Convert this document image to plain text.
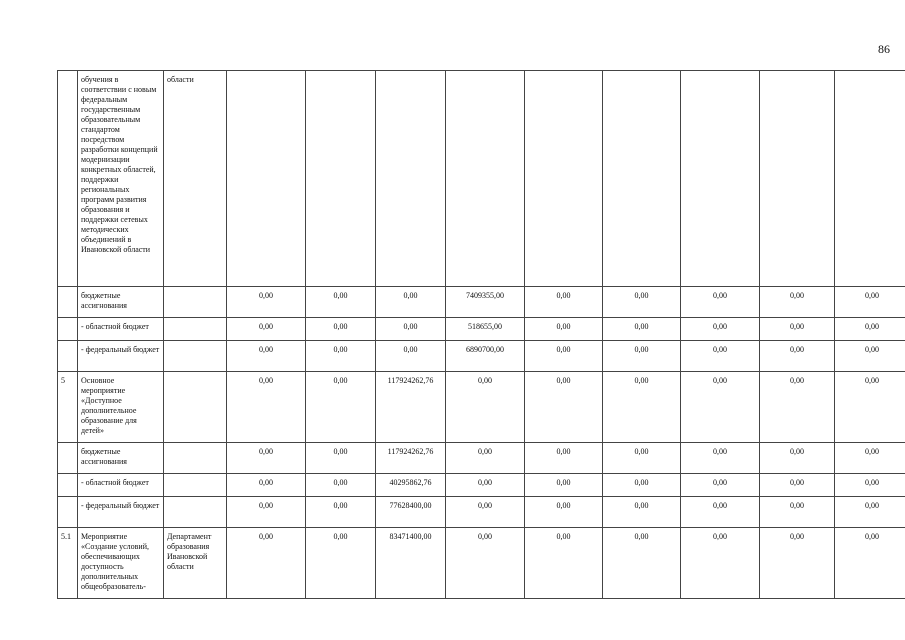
86
	обучения в соответствии с новым федеральным государственным образовательным стандартом посредством разработки концепций модернизации конкретных областей, поддержки региональных программ развития образования и поддержки сетевых методических объединений в Ивановской области	области									
	бюджетные ассигнования		0,00	0,00	0,00	7409355,00	0,00	0,00	0,00	0,00	0,00
	- областной бюджет		0,00	0,00	0,00	518655,00	0,00	0,00	0,00	0,00	0,00
	- федеральный бюджет		0,00	0,00	0,00	6890700,00	0,00	0,00	0,00	0,00	0,00
5	Основное мероприятие «Доступное дополнительное образование для детей»		0,00	0,00	117924262,76	0,00	0,00	0,00	0,00	0,00	0,00
	бюджетные ассигнования		0,00	0,00	117924262,76	0,00	0,00	0,00	0,00	0,00	0,00
	- областной бюджет		0,00	0,00	40295862,76	0,00	0,00	0,00	0,00	0,00	0,00
	- федеральный бюджет		0,00	0,00	77628400,00	0,00	0,00	0,00	0,00	0,00	0,00
5.1	Мероприятие «Создание условий, обеспечивающих доступность дополнительных общеобразователь-	Департамент образования Ивановской области	0,00	0,00	83471400,00	0,00	0,00	0,00	0,00	0,00	0,00
